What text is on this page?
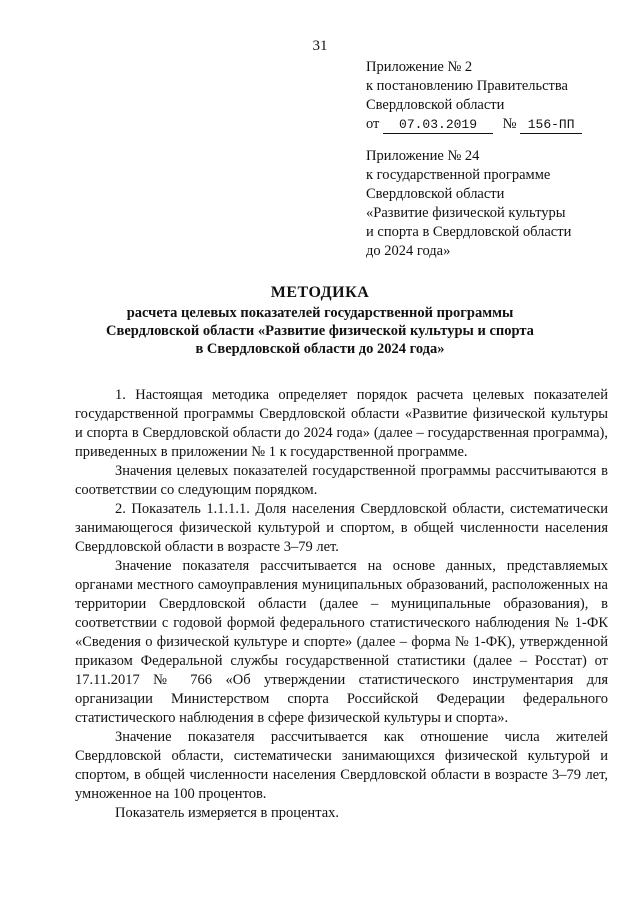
31
Приложение № 2
к постановлению Правительства
Свердловской области
от 07.03.2019 № 156-ПП
Приложение № 24
к государственной программе
Свердловской области
«Развитие физической культуры
и спорта в Свердловской области
до 2024 года»
МЕТОДИКА
расчета целевых показателей государственной программы
Свердловской области «Развитие физической культуры и спорта
в Свердловской области до 2024 года»

1. Настоящая методика определяет порядок расчета целевых показателей государственной программы Свердловской области «Развитие физической культуры и спорта в Свердловской области до 2024 года» (далее – государственная программа), приведенных в приложении № 1 к государственной программе.

Значения целевых показателей государственной программы рассчитываются в соответствии со следующим порядком.

2. Показатель 1.1.1.1. Доля населения Свердловской области, систематически занимающегося физической культурой и спортом, в общей численности населения Свердловской области в возрасте 3–79 лет.

Значение показателя рассчитывается на основе данных, представляемых органами местного самоуправления муниципальных образований, расположенных на территории Свердловской области (далее – муниципальные образования), в соответствии с годовой формой федерального статистического наблюдения № 1-ФК «Сведения о физической культуре и спорте» (далее – форма № 1-ФК), утвержденной приказом Федеральной службы государственной статистики (далее – Росстат) от 17.11.2017 № 766 «Об утверждении статистического инструментария для организации Министерством спорта Российской Федерации федерального статистического наблюдения в сфере физической культуры и спорта».

Значение показателя рассчитывается как отношение числа жителей Свердловской области, систематически занимающихся физической культурой и спортом, в общей численности населения Свердловской области в возрасте 3–79 лет, умноженное на 100 процентов.

Показатель измеряется в процентах.
